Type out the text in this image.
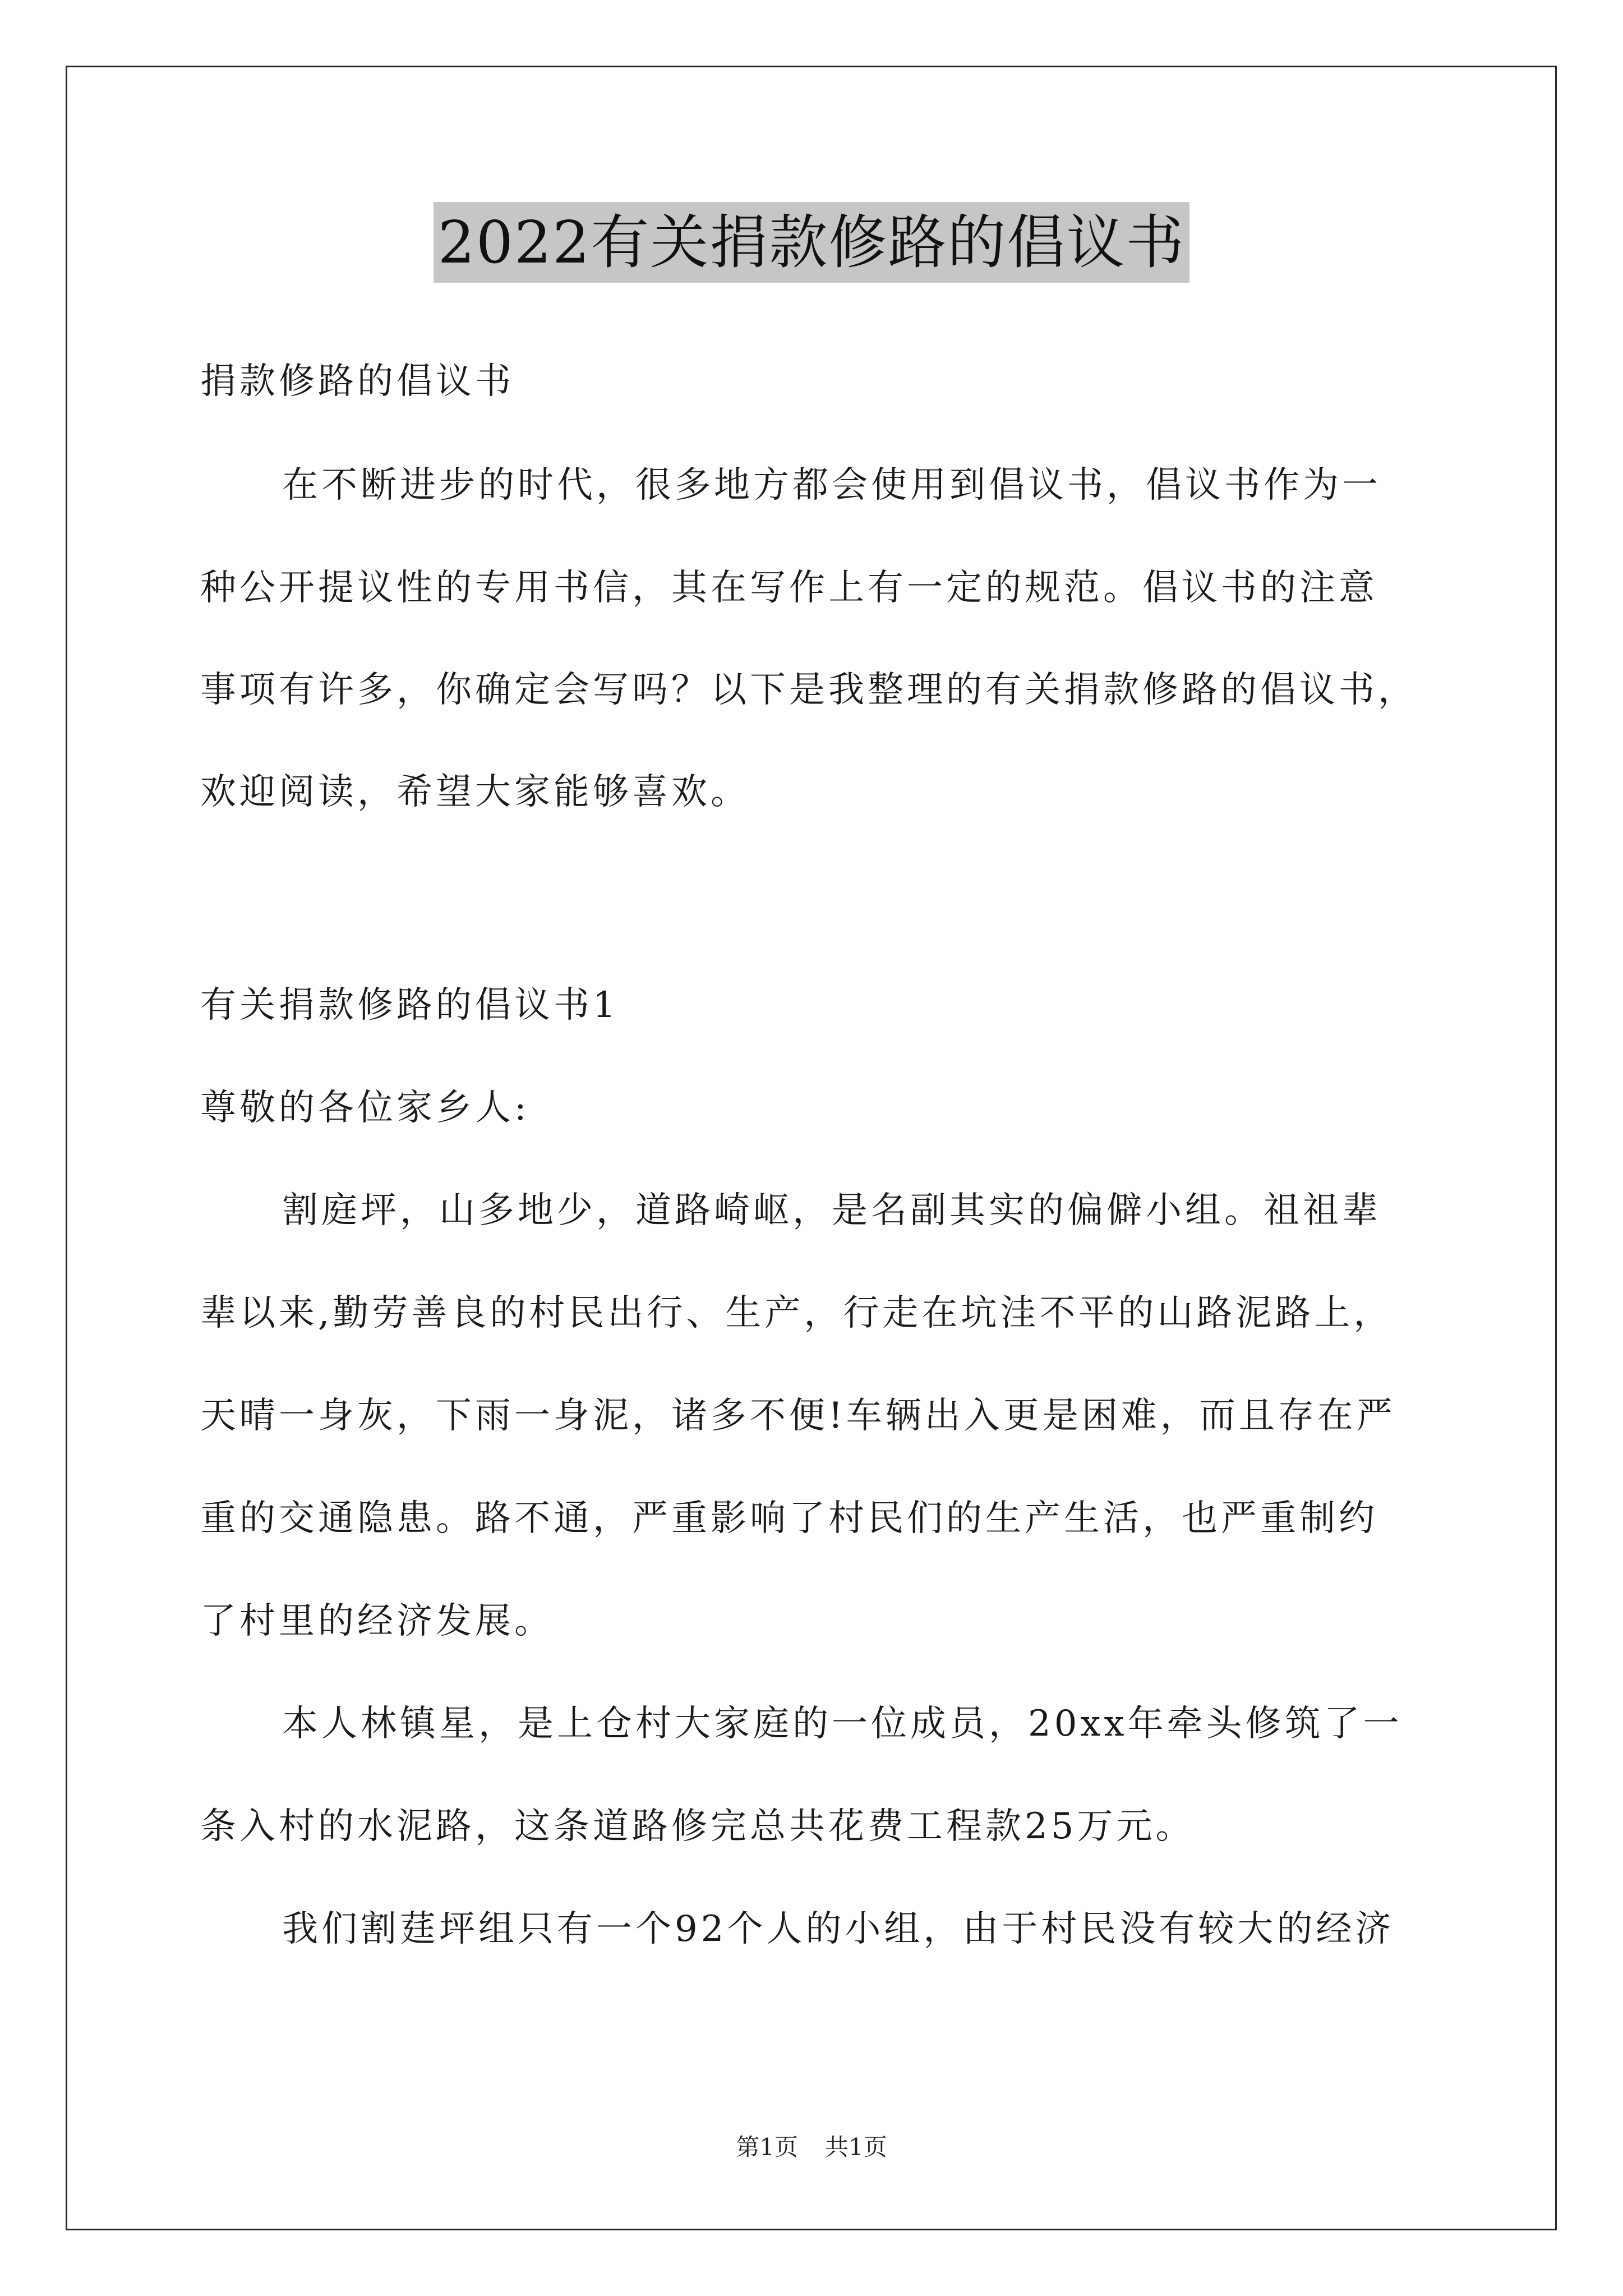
2022有关捐款修路的倡议书
捐款修路的倡议书
在不断进步的时代，很多地方都会使用到倡议书，倡议书作为一
种公开提议性的专用书信，其在写作上有一定的规范。倡议书的注意
事项有许多，你确定会写吗？以下是我整理的有关捐款修路的倡议书，
欢迎阅读，希望大家能够喜欢。
有关捐款修路的倡议书1
尊敬的各位家乡人:
割庭坪，山多地少，道路崎岖，是名副其实的偏僻小组。祖祖辈
辈以来,勤劳善良的村民出行、生产，行走在坑洼不平的山路泥路上，
天晴一身灰，下雨一身泥，诸多不便!车辆出入更是困难，而且存在严
重的交通隐患。路不通，严重影响了村民们的生产生活，也严重制约
了村里的经济发展。
本人林镇星，是上仓村大家庭的一位成员，20xx年牵头修筑了一
条入村的水泥路，这条道路修完总共花费工程款25万元。
我们割莛坪组只有一个92个人的小组，由于村民没有较大的经济
第1页 共1页
